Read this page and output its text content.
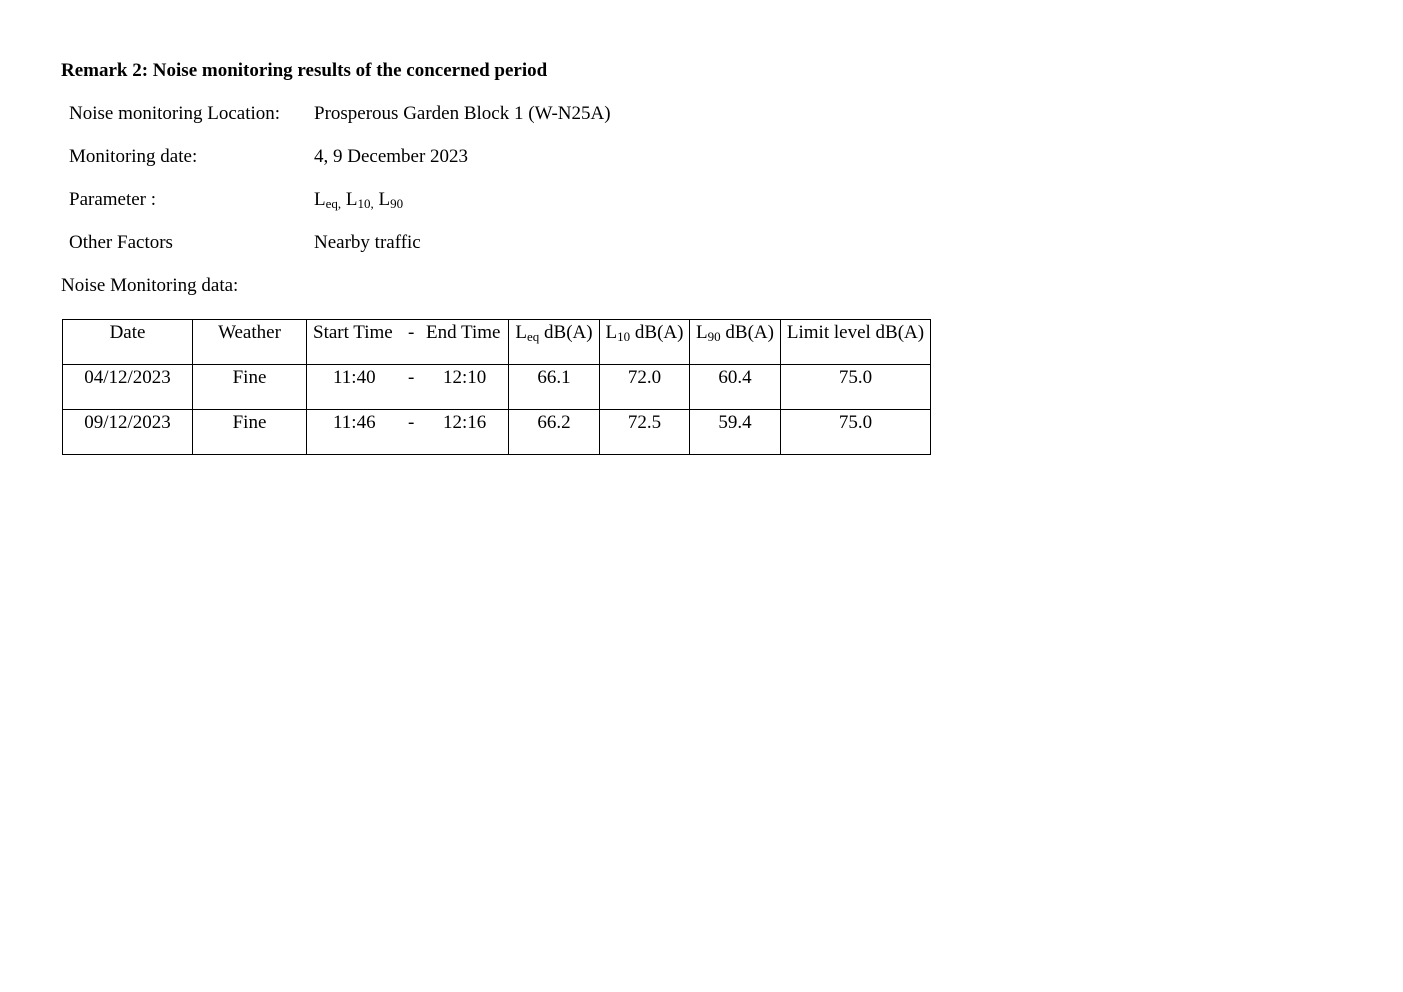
Remark 2: Noise monitoring results of the concerned period
Noise monitoring Location: Prosperous Garden Block 1 (W-N25A)
Monitoring date:	4, 9 December 2023
Parameter :	$L_{eq,}$ $L_{10,}$ $L_{90}$
Other Factors	Nearby traffic
Noise Monitoring data:
Date	Weather	Start Time - End Time	$L_{eq}$ dB(A)	$L_{10}$ dB(A)	$L_{90}$ dB(A)	Limit level dB(A)
04/12/2023	Fine	11:40 - 12:10	66.1	72.0	60.4	75.0
09/12/2023	Fine	11:46 - 12:16	66.2	72.5	59.4	75.0
